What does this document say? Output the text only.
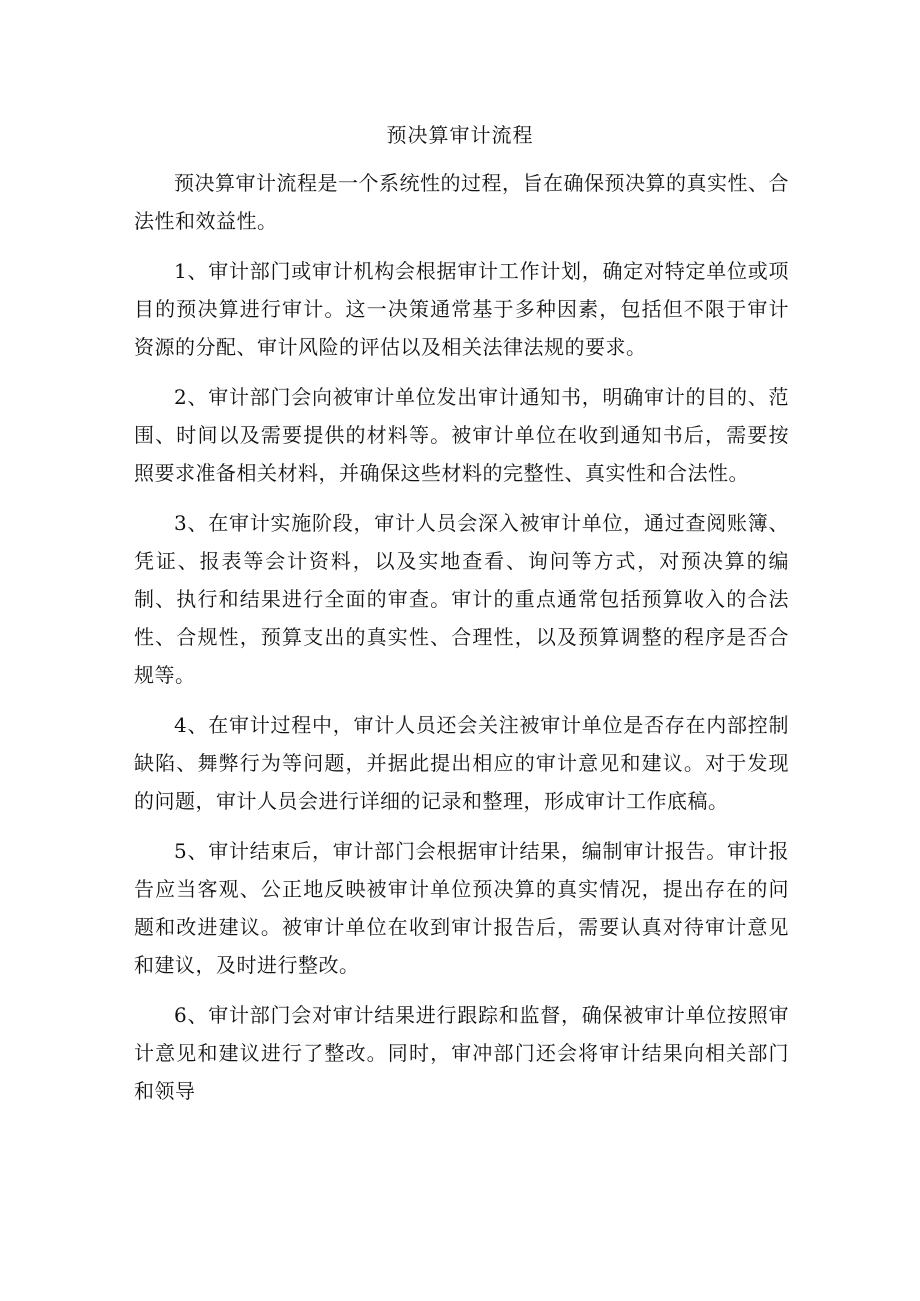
预决算审计流程

预决算审计流程是一个系统性的过程，旨在确保预决算的真实性、合法性和效益性。

1、审计部门或审计机构会根据审计工作计划，确定对特定单位或项目的预决算进行审计。这一决策通常基于多种因素，包括但不限于审计资源的分配、审计风险的评估以及相关法律法规的要求。

2、审计部门会向被审计单位发出审计通知书，明确审计的目的、范围、时间以及需要提供的材料等。被审计单位在收到通知书后，需要按照要求准备相关材料，并确保这些材料的完整性、真实性和合法性。

3、在审计实施阶段，审计人员会深入被审计单位，通过查阅账簿、凭证、报表等会计资料，以及实地查看、询问等方式，对预决算的编制、执行和结果进行全面的审查。审计的重点通常包括预算收入的合法性、合规性，预算支出的真实性、合理性，以及预算调整的程序是否合规等。

4、在审计过程中，审计人员还会关注被审计单位是否存在内部控制缺陷、舞弊行为等问题，并据此提出相应的审计意见和建议。对于发现的问题，审计人员会进行详细的记录和整理，形成审计工作底稿。

5、审计结束后，审计部门会根据审计结果，编制审计报告。审计报告应当客观、公正地反映被审计单位预决算的真实情况，提出存在的问题和改进建议。被审计单位在收到审计报告后，需要认真对待审计意见和建议，及时进行整改。

6、审计部门会对审计结果进行跟踪和监督，确保被审计单位按照审计意见和建议进行了整改。同时，审冲部门还会将审计结果向相关部门和领导
